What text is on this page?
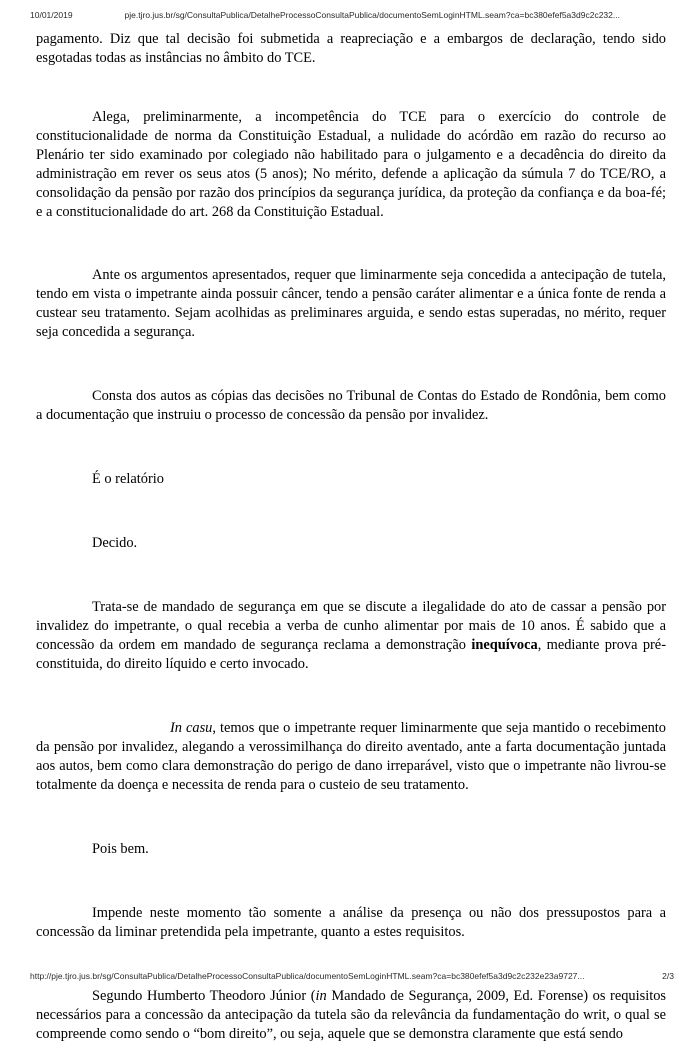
10/01/2019	pje.tjro.jus.br/sg/ConsultaPublica/DetalheProcessoConsultaPublica/documentoSemLoginHTML.seam?ca=bc380efef5a3d9c2c232...

pagamento. Diz que tal decisão foi submetida a reapreciação e a embargos de declaração, tendo sido esgotadas todas as instâncias no âmbito do TCE.

Alega, preliminarmente, a incompetência do TCE para o exercício do controle de constitucionalidade de norma da Constituição Estadual, a nulidade do acórdão em razão do recurso ao Plenário ter sido examinado por colegiado não habilitado para o julgamento e a decadência do direito da administração em rever os seus atos (5 anos); No mérito, defende a aplicação da súmula 7 do TCE/RO, a consolidação da pensão por razão dos princípios da segurança jurídica, da proteção da confiança e da boa-fé; e a constitucionalidade do art. 268 da Constituição Estadual.

Ante os argumentos apresentados, requer que liminarmente seja concedida a antecipação de tutela, tendo em vista o impetrante ainda possuir câncer, tendo a pensão caráter alimentar e a única fonte de renda a custear seu tratamento. Sejam acolhidas as preliminares arguida, e sendo estas superadas, no mérito, requer seja concedida a segurança.

Consta dos autos as cópias das decisões no Tribunal de Contas do Estado de Rondônia, bem como a documentação que instruiu o processo de concessão da pensão por invalidez.

É o relatório

Decido.

Trata-se de mandado de segurança em que se discute a ilegalidade do ato de cassar a pensão por invalidez do impetrante, o qual recebia a verba de cunho alimentar por mais de 10 anos. É sabido que a concessão da ordem em mandado de segurança reclama a demonstração inequívoca, mediante prova pré-constituida, do direito líquido e certo invocado.

In casu, temos que o impetrante requer liminarmente que seja mantido o recebimento da pensão por invalidez, alegando a verossimilhança do direito aventado, ante a farta documentação juntada aos autos, bem como clara demonstração do perigo de dano irreparável, visto que o impetrante não livrou-se totalmente da doença e necessita de renda para o custeio de seu tratamento.

Pois bem.

Impende neste momento tão somente a análise da presença ou não dos pressupostos para a concessão da liminar pretendida pela impetrante, quanto a estes requisitos.

Segundo Humberto Theodoro Júnior (in Mandado de Segurança, 2009, Ed. Forense) os requisitos necessários para a concessão da antecipação da tutela são da relevância da fundamentação do writ, o qual se compreende como sendo o “bom direito”, ou seja, aquele que se demonstra claramente que está sendo

http://pje.tjro.jus.br/sg/ConsultaPublica/DetalheProcessoConsultaPublica/documentoSemLoginHTML.seam?ca=bc380efef5a3d9c2c232e23a9727...	2/3
